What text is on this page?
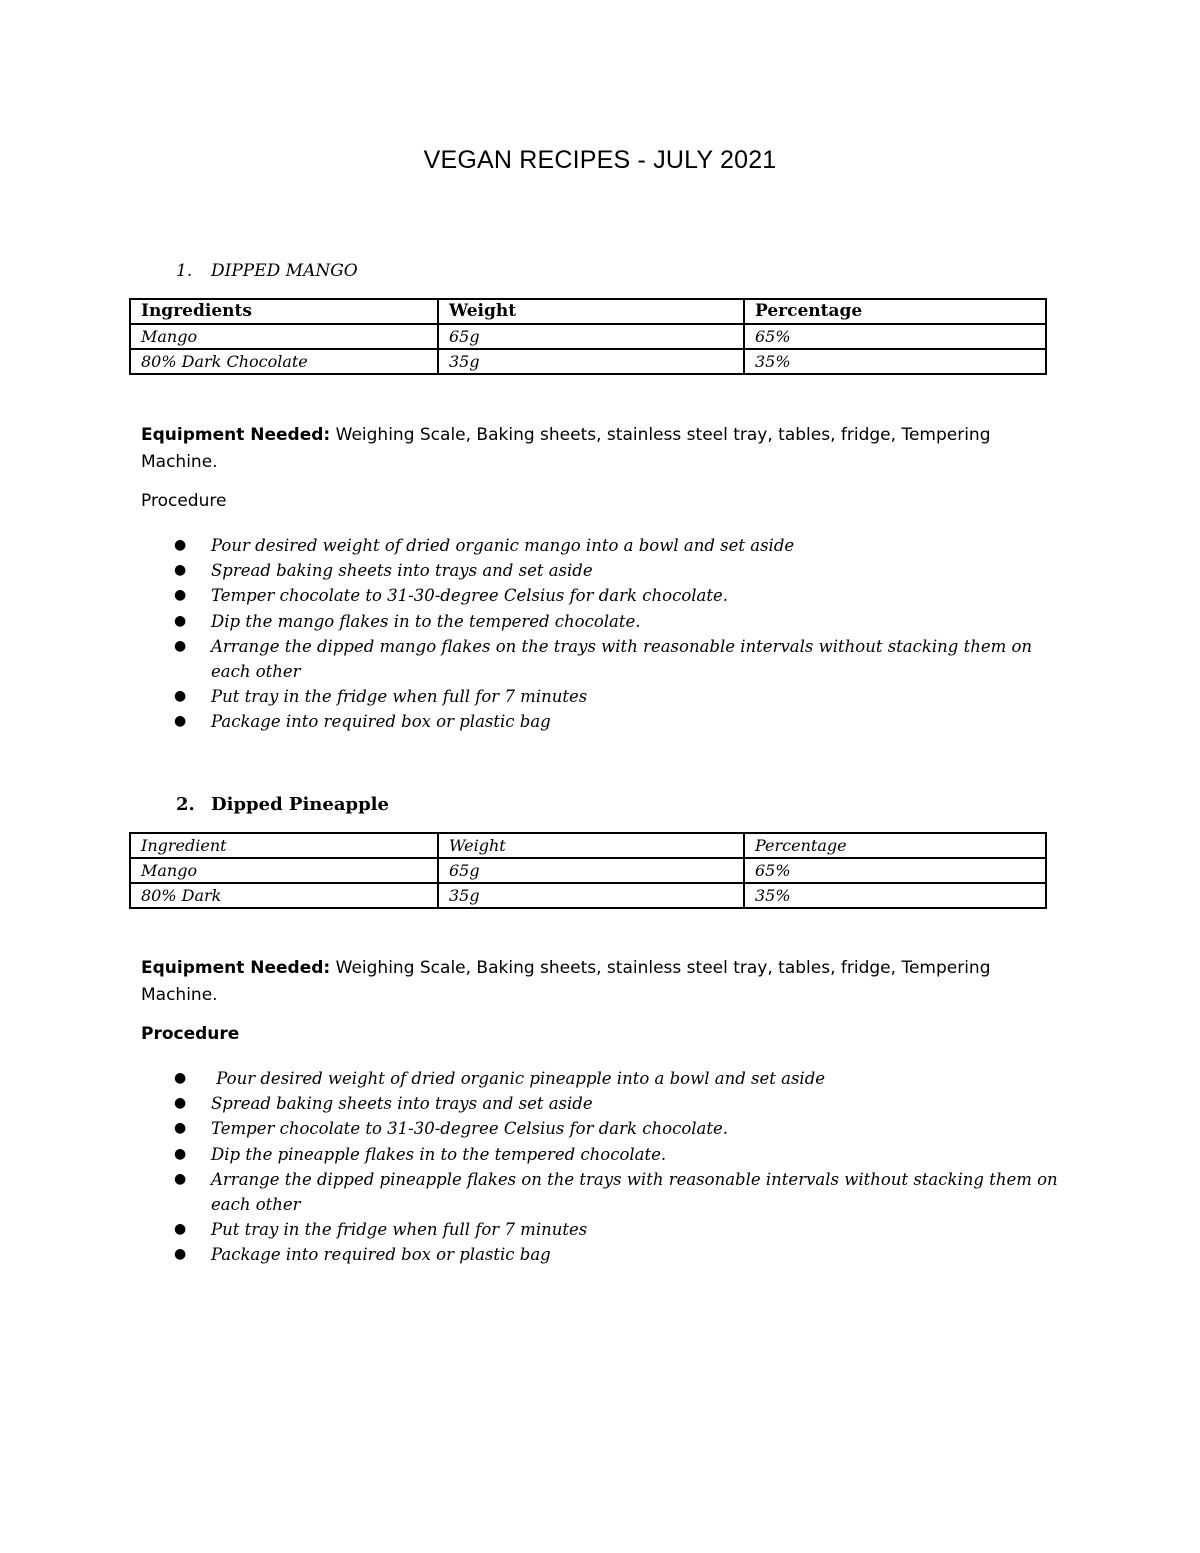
VEGAN RECIPES - JULY 2021
1. DIPPED MANGO
Ingredients	Weight	Percentage
Mango	65g	65%
80% Dark Chocolate	35g	35%
Equipment Needed: Weighing Scale, Baking sheets, stainless steel tray, tables, fridge, Tempering Machine.
Procedure
● Pour desired weight of dried organic mango into a bowl and set aside
● Spread baking sheets into trays and set aside
● Temper chocolate to 31-30-degree Celsius for dark chocolate.
● Dip the mango flakes in to the tempered chocolate.
● Arrange the dipped mango flakes on the trays with reasonable intervals without stacking them on each other
● Put tray in the fridge when full for 7 minutes
● Package into required box or plastic bag
2. Dipped Pineapple
Ingredient	Weight	Percentage
Mango	65g	65%
80% Dark	35g	35%
Equipment Needed: Weighing Scale, Baking sheets, stainless steel tray, tables, fridge, Tempering Machine.
Procedure
● Pour desired weight of dried organic pineapple into a bowl and set aside
● Spread baking sheets into trays and set aside
● Temper chocolate to 31-30-degree Celsius for dark chocolate.
● Dip the pineapple flakes in to the tempered chocolate.
● Arrange the dipped pineapple flakes on the trays with reasonable intervals without stacking them on each other
● Put tray in the fridge when full for 7 minutes
● Package into required box or plastic bag
